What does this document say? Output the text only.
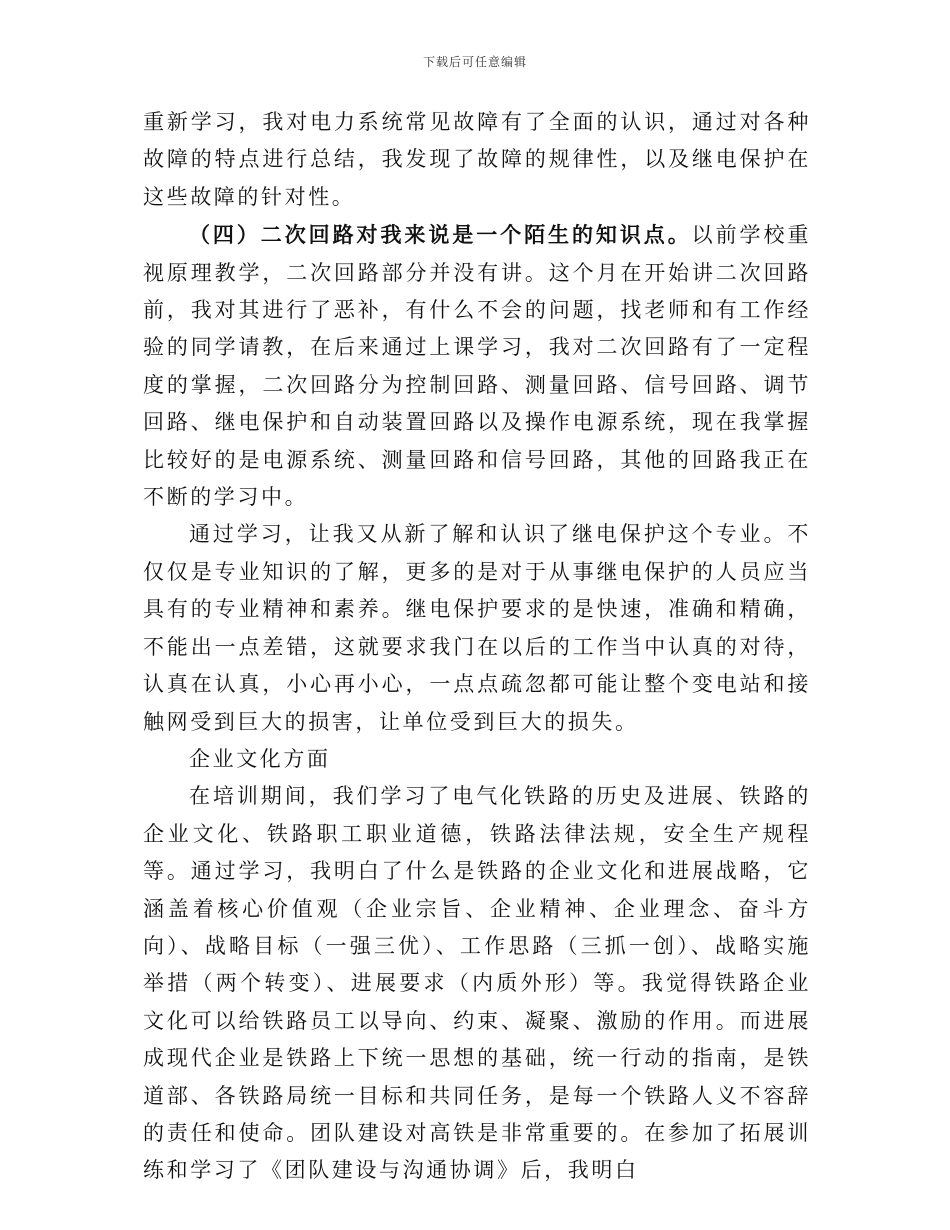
下载后可任意编辑

重新学习，我对电力系统常见故障有了全面的认识，通过对各种故障的特点进行总结，我发现了故障的规律性，以及继电保护在这些故障的针对性。

（四）二次回路对我来说是一个陌生的知识点。以前学校重视原理教学，二次回路部分并没有讲。这个月在开始讲二次回路前，我对其进行了恶补，有什么不会的问题，找老师和有工作经验的同学请教，在后来通过上课学习，我对二次回路有了一定程度的掌握，二次回路分为控制回路、测量回路、信号回路、调节回路、继电保护和自动装置回路以及操作电源系统，现在我掌握比较好的是电源系统、测量回路和信号回路，其他的回路我正在不断的学习中。

通过学习，让我又从新了解和认识了继电保护这个专业。不仅仅是专业知识的了解，更多的是对于从事继电保护的人员应当具有的专业精神和素养。继电保护要求的是快速，准确和精确，不能出一点差错，这就要求我门在以后的工作当中认真的对待，认真在认真，小心再小心，一点点疏忽都可能让整个变电站和接触网受到巨大的损害，让单位受到巨大的损失。

企业文化方面

在培训期间，我们学习了电气化铁路的历史及进展、铁路的企业文化、铁路职工职业道德，铁路法律法规，安全生产规程等。通过学习，我明白了什么是铁路的企业文化和进展战略，它涵盖着核心价值观（企业宗旨、企业精神、企业理念、奋斗方向）、战略目标（一强三优）、工作思路（三抓一创）、战略实施举措（两个转变）、进展要求（内质外形）等。我觉得铁路企业文化可以给铁路员工以导向、约束、凝聚、激励的作用。而进展成现代企业是铁路上下统一思想的基础，统一行动的指南，是铁道部、各铁路局统一目标和共同任务，是每一个铁路人义不容辞的责任和使命。团队建设对高铁是非常重要的。在参加了拓展训练和学习了《团队建设与沟通协调》后，我明白
